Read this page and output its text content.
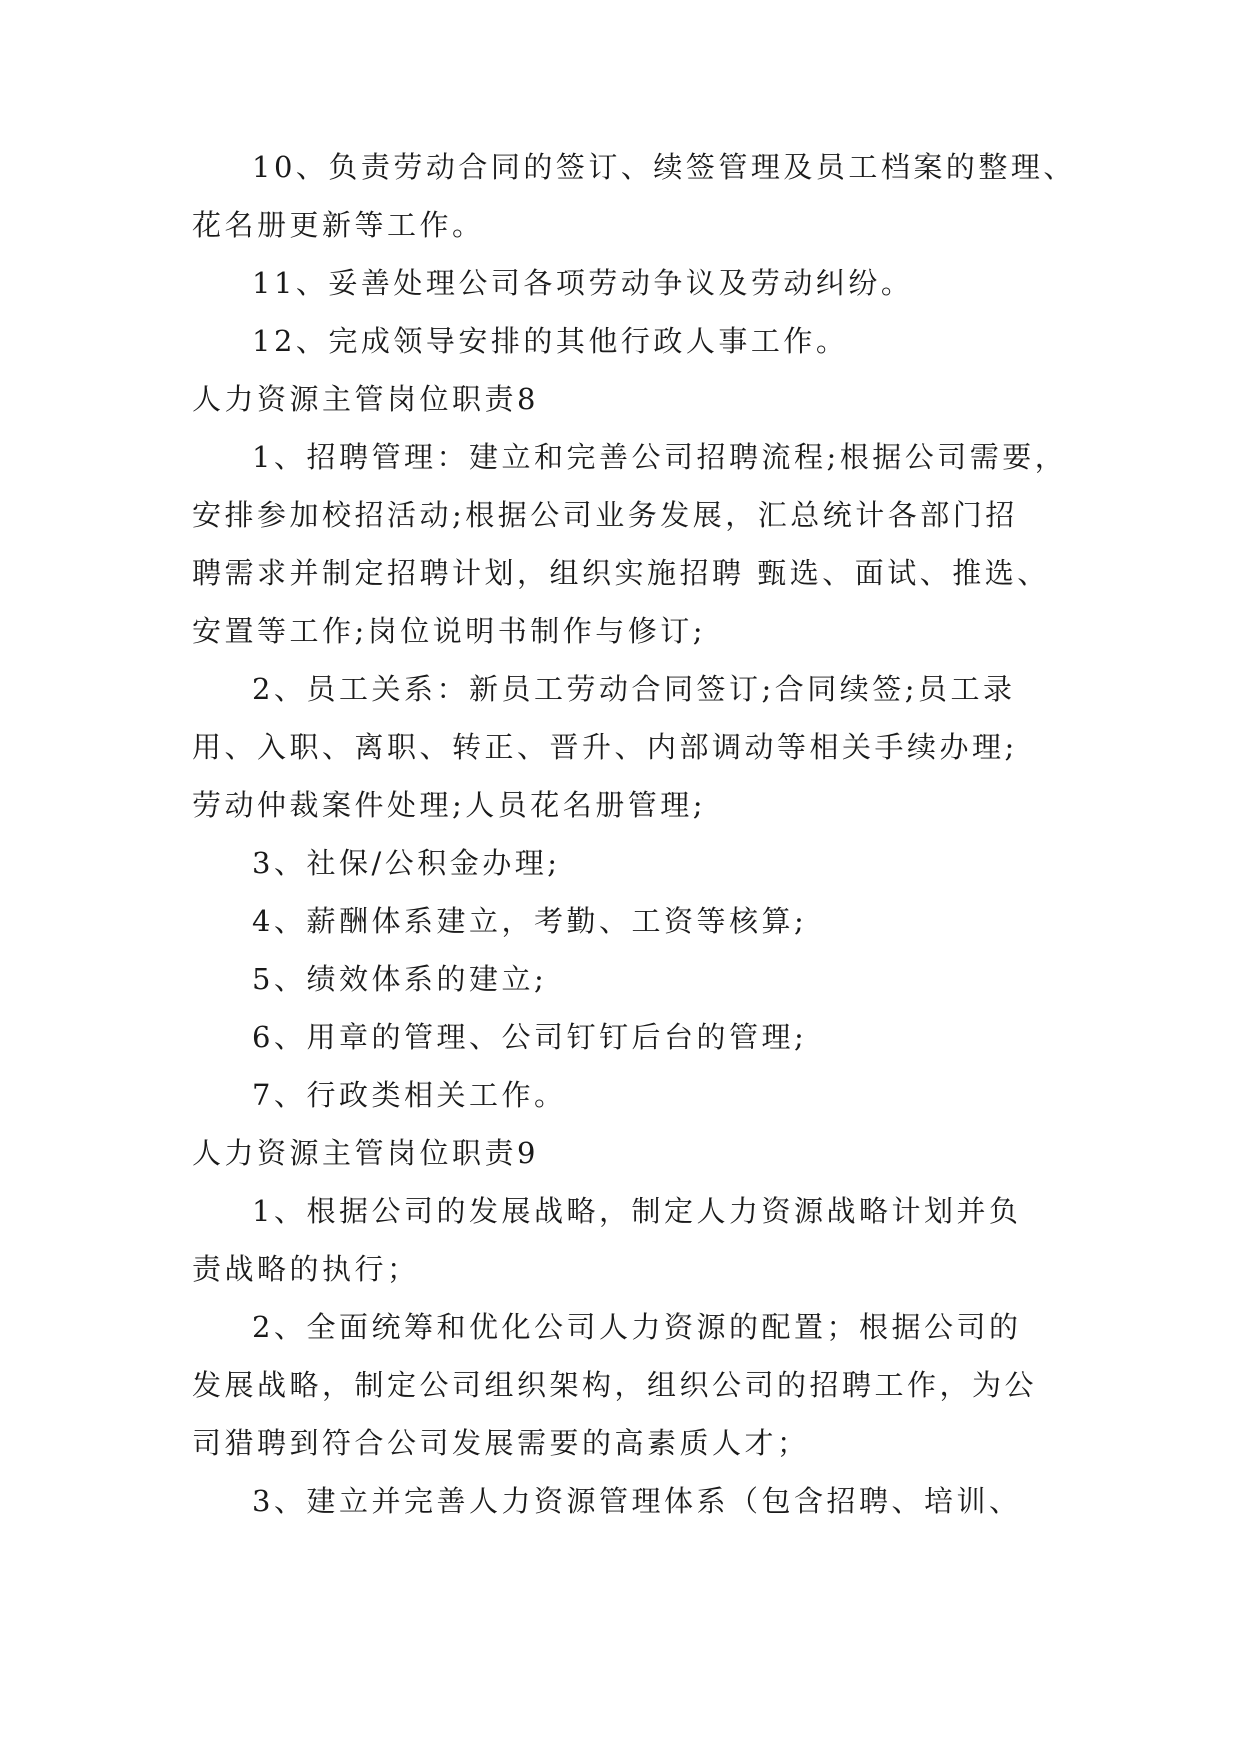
10、负责劳动合同的签订、续签管理及员工档案的整理、
花名册更新等工作。
11、妥善处理公司各项劳动争议及劳动纠纷。
12、完成领导安排的其他行政人事工作。
人力资源主管岗位职责8
1、招聘管理：建立和完善公司招聘流程;根据公司需要，
安排参加校招活动;根据公司业务发展，汇总统计各部门招
聘需求并制定招聘计划，组织实施招聘 甄选、面试、推选、
安置等工作;岗位说明书制作与修订;
2、员工关系：新员工劳动合同签订;合同续签;员工录
用、入职、离职、转正、晋升、内部调动等相关手续办理;
劳动仲裁案件处理;人员花名册管理;
3、社保/公积金办理;
4、薪酬体系建立，考勤、工资等核算;
5、绩效体系的建立;
6、用章的管理、公司钉钉后台的管理;
7、行政类相关工作。
人力资源主管岗位职责9
1、根据公司的发展战略，制定人力资源战略计划并负
责战略的执行；
2、全面统筹和优化公司人力资源的配置；根据公司的
发展战略，制定公司组织架构，组织公司的招聘工作，为公
司猎聘到符合公司发展需要的高素质人才；
3、建立并完善人力资源管理体系（包含招聘、培训、
